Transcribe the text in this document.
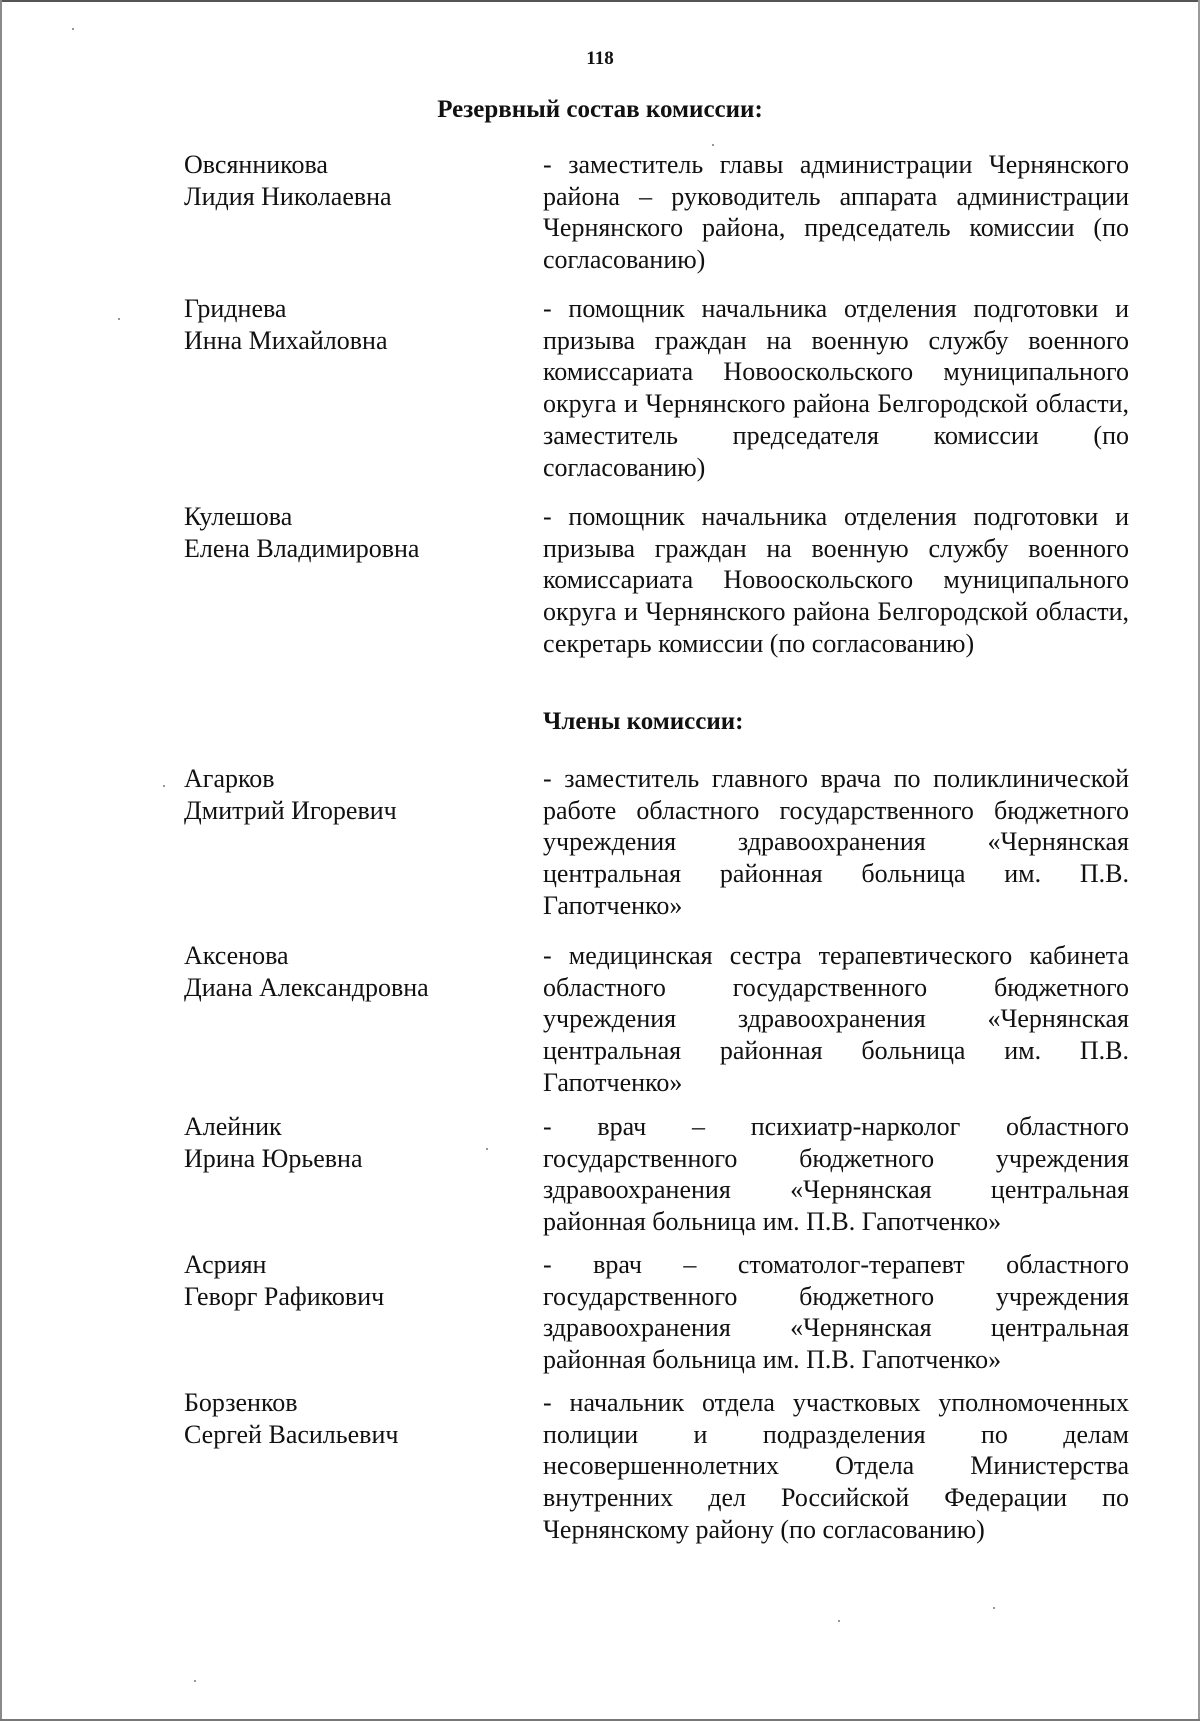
118
Резервный состав комиссии:
Овсянникова
Лидия Николаевна
- заместитель главы администрации Чернянского района – руководитель аппарата администрации Чернянского района, председатель комиссии (по согласованию)
Гриднева
Инна Михайловна
- помощник начальника отделения подготовки и призыва граждан на военную службу военного комиссариата Новооскольского муниципального округа и Чернянского района Белгородской области, заместитель председателя комиссии (по согласованию)
Кулешова
Елена Владимировна
- помощник начальника отделения подготовки и призыва граждан на военную службу военного комиссариата Новооскольского муниципального округа и Чернянского района Белгородской области, секретарь комиссии (по согласованию)
Члены комиссии:
Агарков
Дмитрий Игоревич
- заместитель главного врача по поликлинической работе областного государственного бюджетного учреждения здравоохранения «Чернянская центральная районная больница им. П.В. Гапотченко»
Аксенова
Диана Александровна
- медицинская сестра терапевтического кабинета областного государственного бюджетного учреждения здравоохранения «Чернянская центральная районная больница им. П.В. Гапотченко»
Алейник
Ирина Юрьевна
- врач – психиатр-нарколог областного государственного бюджетного учреждения здравоохранения «Чернянская центральная районная больница им. П.В. Гапотченко»
Асриян
Геворг Рафикович
- врач – стоматолог-терапевт областного государственного бюджетного учреждения здравоохранения «Чернянская центральная районная больница им. П.В. Гапотченко»
Борзенков
Сергей Васильевич
- начальник отдела участковых уполномоченных полиции и подразделения по делам несовершеннолетних Отдела Министерства внутренних дел Российской Федерации по Чернянскому району (по согласованию)
